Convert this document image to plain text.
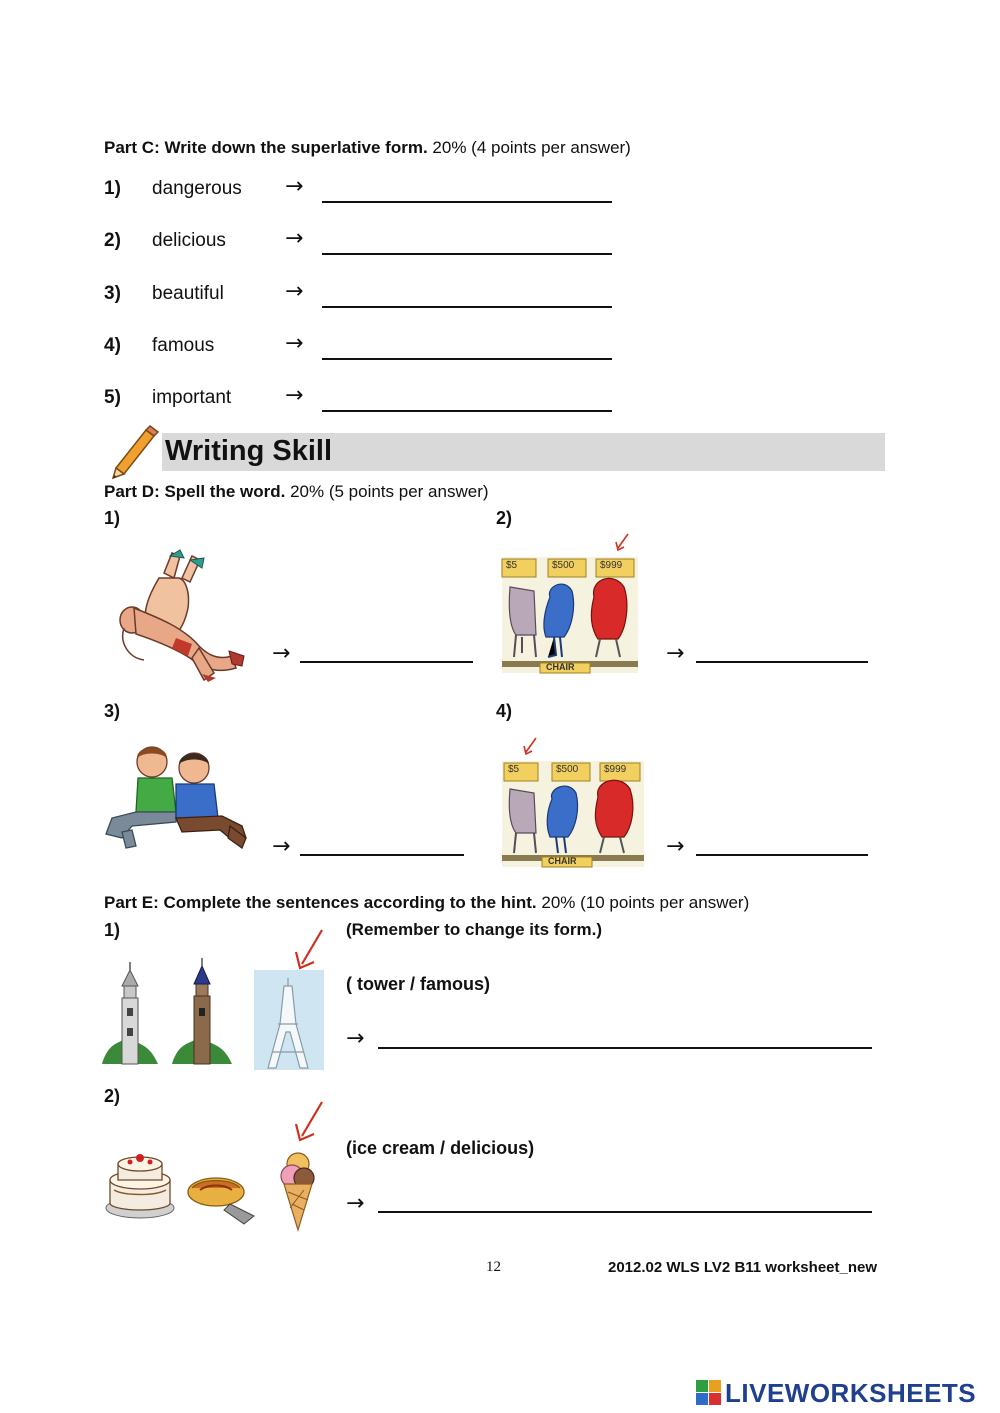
Part C: Write down the superlative form. 20% (4 points per answer)
1) dangerous →
2) delicious	→
3) beautiful	→
4) famous	→
5) important →
Writing Skill
Part D: Spell the word. 20% (5 points per answer)
1)	2)
3)	4)
→
$5	$500	$999
CHAIR
→
→
$5	$500	$999
CHAIR
→
Part E: Complete the sentences according to the hint. 20% (10 points per answer)
1)	(Remember to change its form.)
( tower / famous)
→
2)
(ice cream / delicious)
→
12	2012.02 WLS LV2 B11 worksheet_new
LIVEWORKSHEETS
